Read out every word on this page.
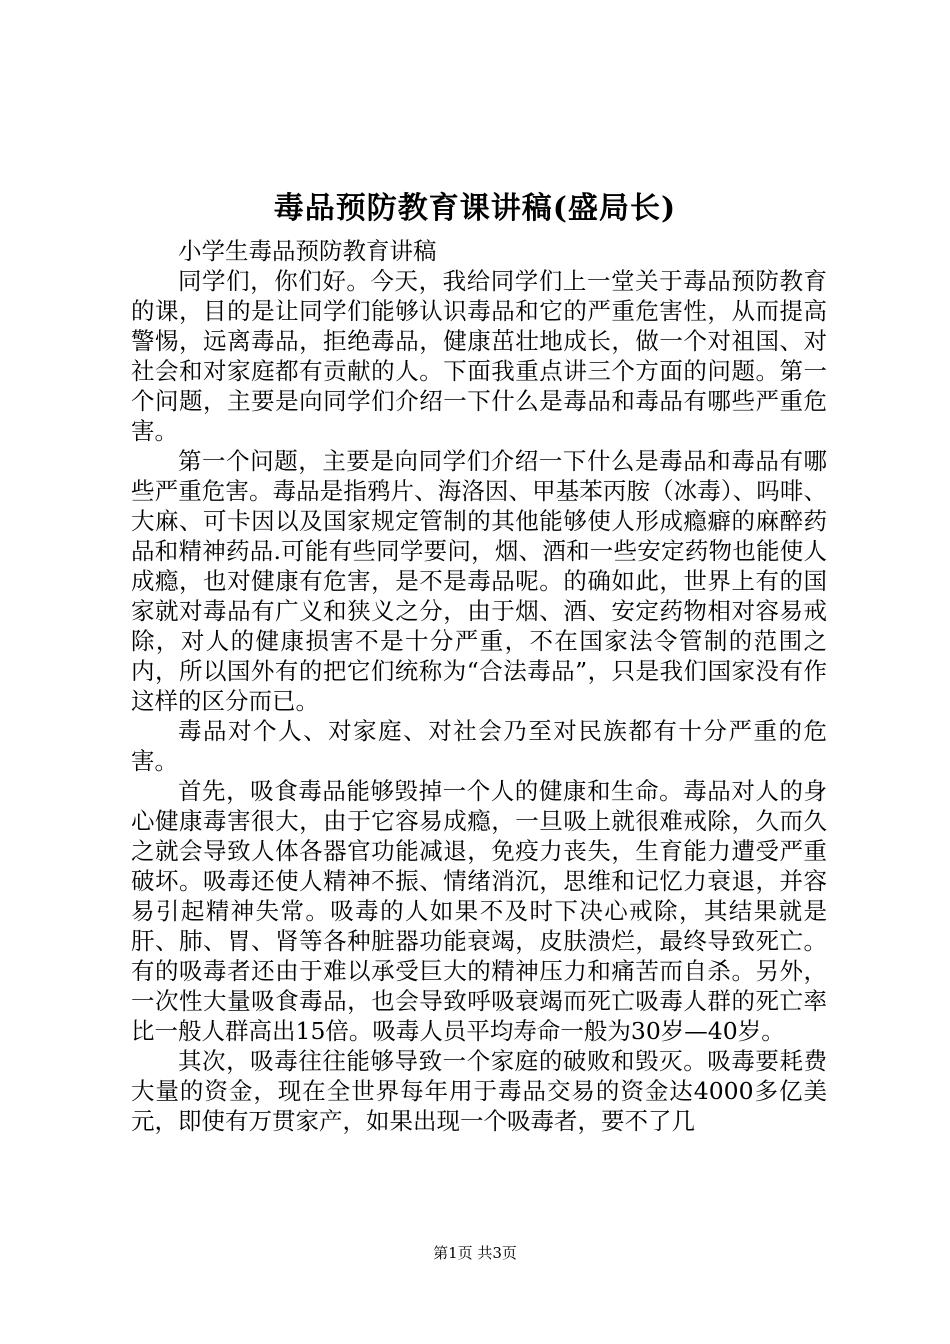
毒品预防教育课讲稿(盛局长)

小学生毒品预防教育讲稿

同学们，你们好。今天，我给同学们上一堂关于毒品预防教育的课，目的是让同学们能够认识毒品和它的严重危害性，从而提高警惕，远离毒品，拒绝毒品，健康茁壮地成长，做一个对祖国、对社会和对家庭都有贡献的人。下面我重点讲三个方面的问题。第一个问题，主要是向同学们介绍一下什么是毒品和毒品有哪些严重危害。

第一个问题，主要是向同学们介绍一下什么是毒品和毒品有哪些严重危害。毒品是指鸦片、海洛因、甲基苯丙胺（冰毒）、吗啡、大麻、可卡因以及国家规定管制的其他能够使人形成瘾癖的麻醉药品和精神药品.可能有些同学要问，烟、酒和一些安定药物也能使人成瘾，也对健康有危害，是不是毒品呢。的确如此，世界上有的国家就对毒品有广义和狭义之分，由于烟、酒、安定药物相对容易戒除，对人的健康损害不是十分严重，不在国家法令管制的范围之内，所以国外有的把它们统称为“合法毒品”，只是我们国家没有作这样的区分而已。

毒品对个人、对家庭、对社会乃至对民族都有十分严重的危害。

首先，吸食毒品能够毁掉一个人的健康和生命。毒品对人的身心健康毒害很大，由于它容易成瘾，一旦吸上就很难戒除，久而久之就会导致人体各器官功能减退，免疫力丧失，生育能力遭受严重破坏。吸毒还使人精神不振、情绪消沉，思维和记忆力衰退，并容易引起精神失常。吸毒的人如果不及时下决心戒除，其结果就是肝、肺、胃、肾等各种脏器功能衰竭，皮肤溃烂，最终导致死亡。有的吸毒者还由于难以承受巨大的精神压力和痛苦而自杀。另外，一次性大量吸食毒品，也会导致呼吸衰竭而死亡吸毒人群的死亡率比一般人群高出15倍。吸毒人员平均寿命一般为30岁—40岁。

其次，吸毒往往能够导致一个家庭的破败和毁灭。吸毒要耗费大量的资金，现在全世界每年用于毒品交易的资金达4000多亿美元，即使有万贯家产，如果出现一个吸毒者，要不了几

第1页 共3页
